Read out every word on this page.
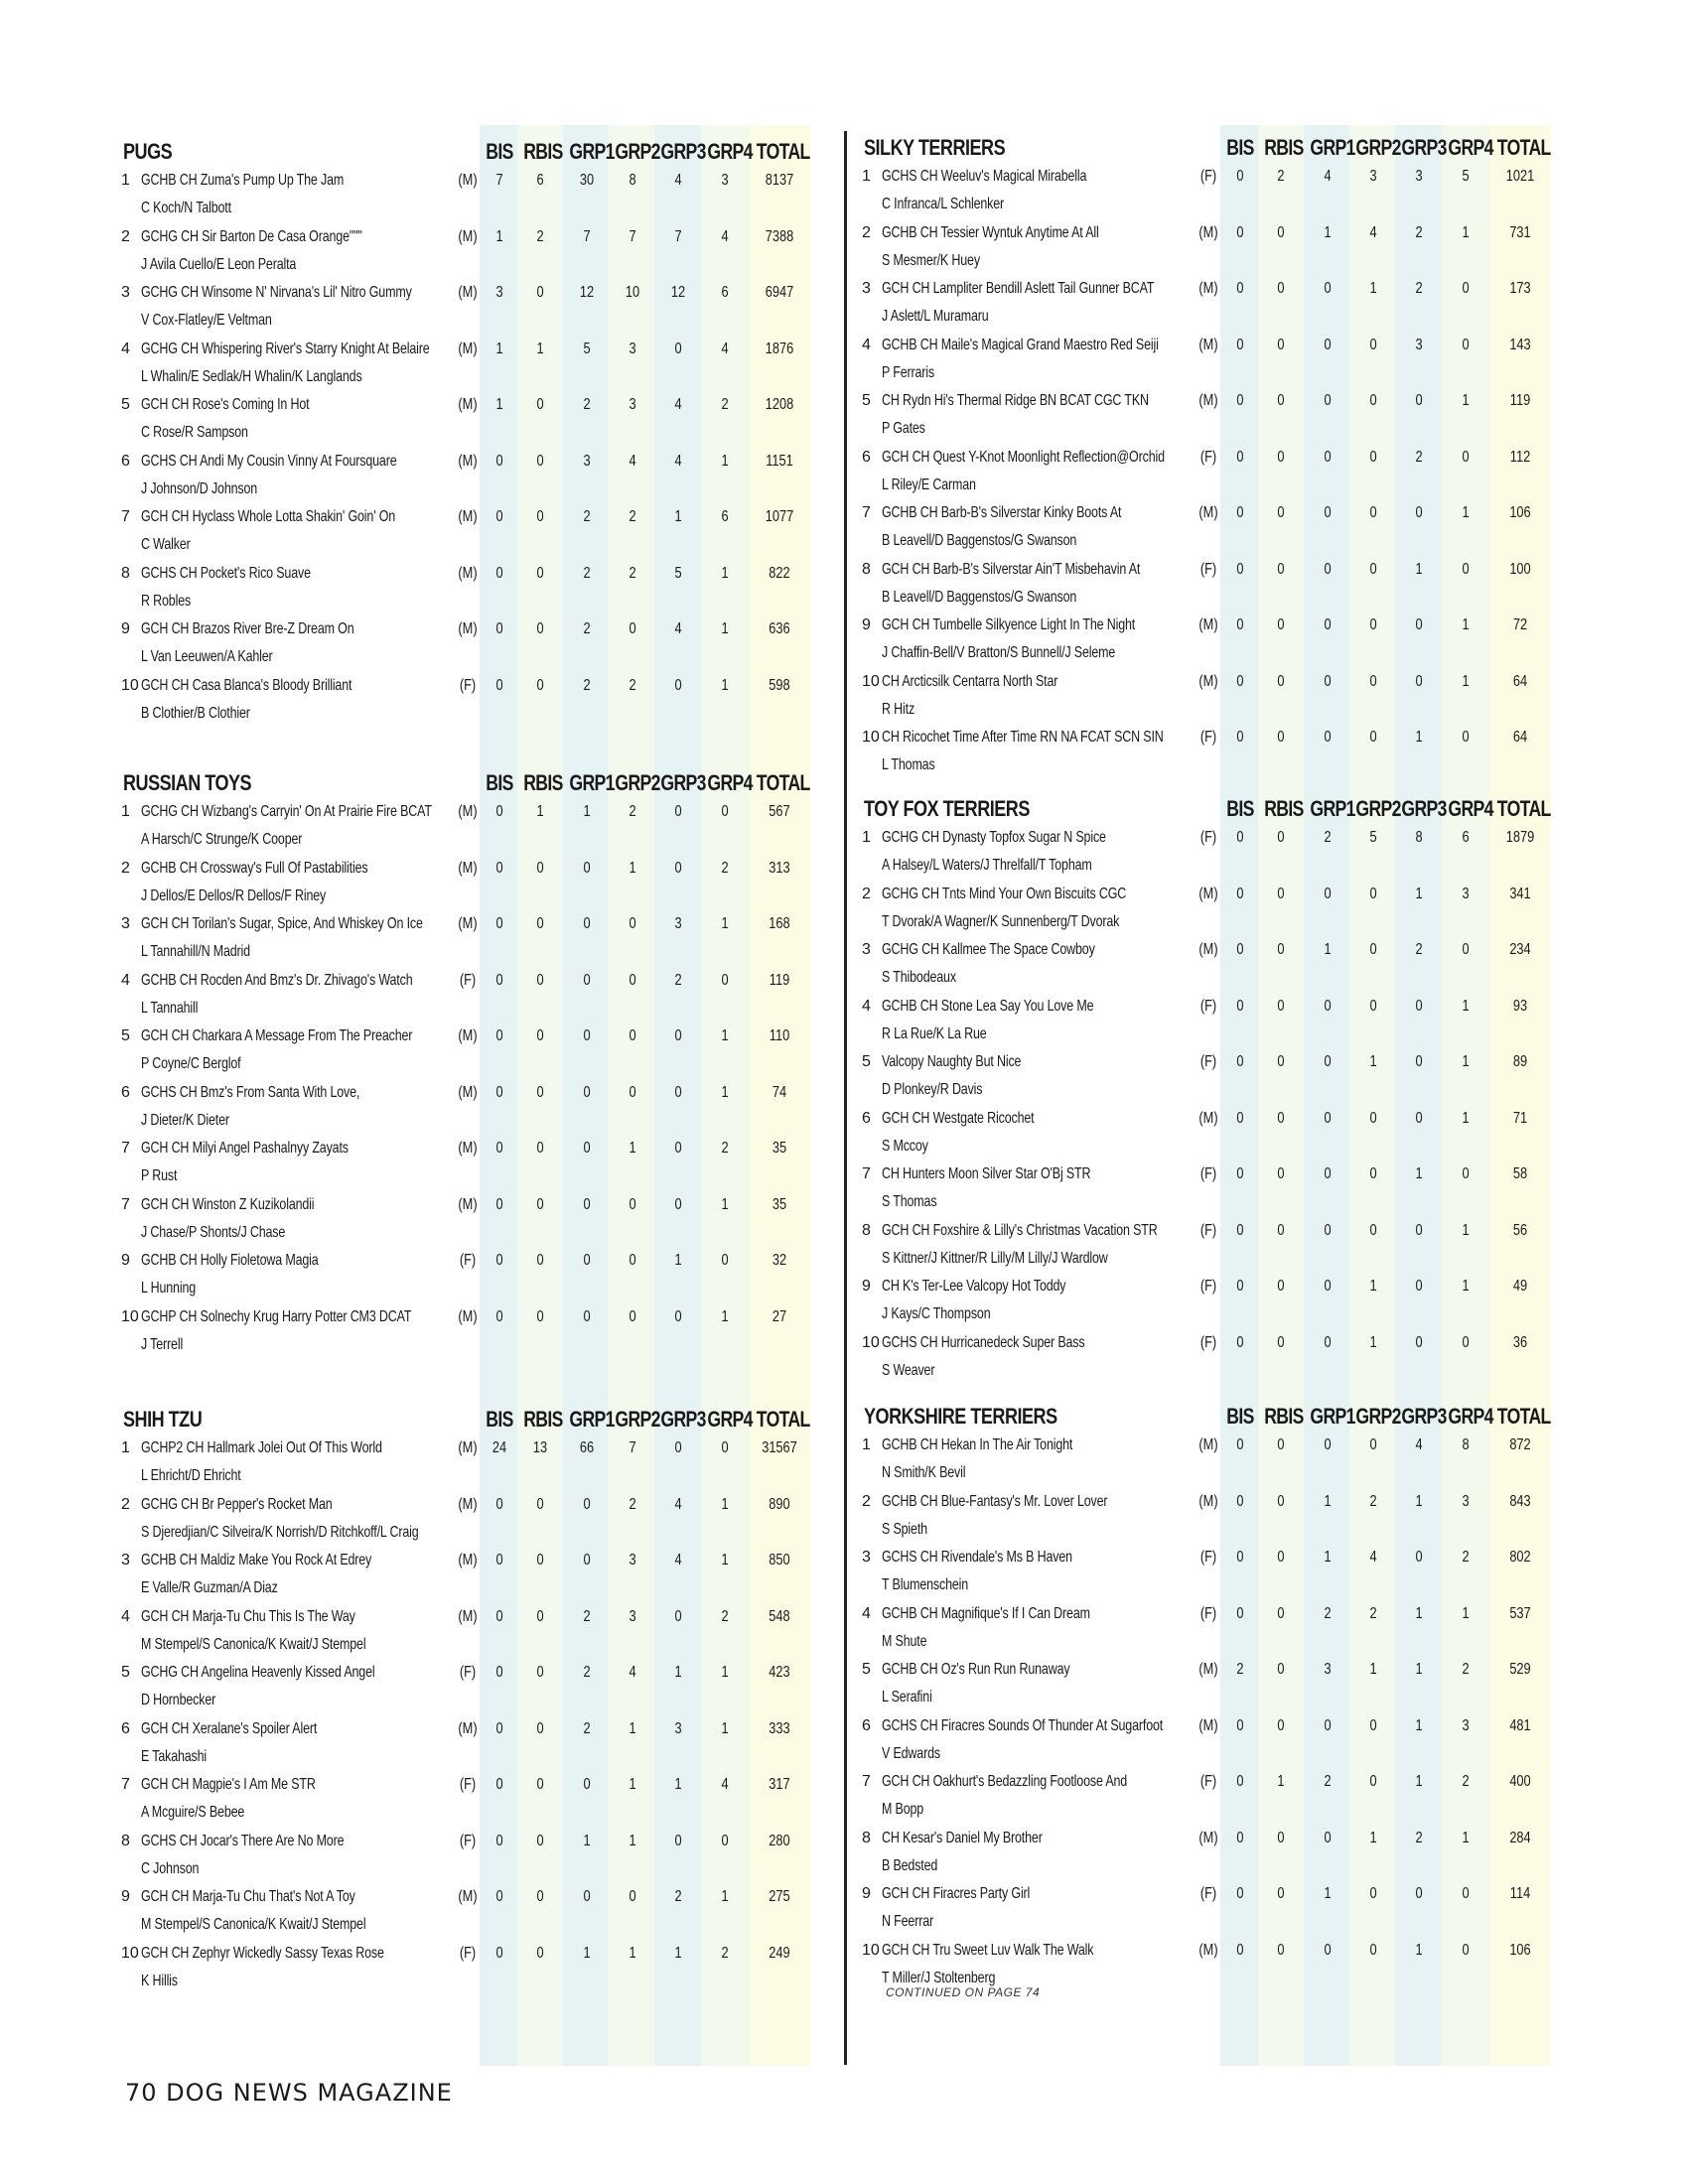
PUGS	BIS RBIS GRP1 GRP2 GRP3 GRP4 TOTAL
1 GCHB CH Zuma's Pump Up The Jam
C Koch/N Talbott
(M)	7	6	30	8	4	3	8137
2 GCHG CH Sir Barton De Casa Orange"""
J Avila Cuello/E Leon Peralta
(M)	1	2	7	7	7	4	7388
3 GCHG CH Winsome N' Nirvana's Lil' Nitro Gummy
V Cox-Flatley/E Veltman
(M)	3	0	12	10	12	6	6947
4 GCHG CH Whispering River's Starry Knight At Belaire
L Whalin/E Sedlak/H Whalin/K Langlands
(M)	1	1	5	3	0	4	1876
5 GCH CH Rose's Coming In Hot
C Rose/R Sampson
(M)	1	0	2	3	4	2	1208
6 GCHS CH Andi My Cousin Vinny At Foursquare
J Johnson/D Johnson
(M)	0	0	3	4	4	1	1151
7 GCH CH Hyclass Whole Lotta Shakin' Goin' On
C Walker
(M)	0	0	2	2	1	6	1077
8 GCHS CH Pocket's Rico Suave
R Robles
(M)	0	0	2	2	5	1	822
9 GCH CH Brazos River Bre-Z Dream On
L Van Leeuwen/A Kahler
(M)	0	0	2	0	4	1	636
10 GCH CH Casa Blanca's Bloody Brilliant
B Clothier/B Clothier
(F)	0	0	2	2	0	1	598
RUSSIAN TOYS	BIS RBIS GRP1 GRP2 GRP3 GRP4 TOTAL
1 GCHG CH Wizbang's Carryin' On At Prairie Fire BCAT
A Harsch/C Strunge/K Cooper
(M)	0	1	1	2	0	0	567
2 GCHB CH Crossway's Full Of Pastabilities
J Dellos/E Dellos/R Dellos/F Riney
(M)	0	0	0	1	0	2	313
3 GCH CH Torilan's Sugar, Spice, And Whiskey On Ice
L Tannahill/N Madrid
(M)	0	0	0	0	3	1	168
4 GCHB CH Rocden And Bmz's Dr. Zhivago's Watch
L Tannahill
(F)	0	0	0	0	2	0	119
5 GCH CH Charkara A Message From The Preacher
P Coyne/C Berglof
(M)	0	0	0	0	0	1	110
6 GCHS CH Bmz's From Santa With Love,
J Dieter/K Dieter
(M)	0	0	0	0	0	1	74
7 GCH CH Milyi Angel Pashalnyy Zayats
P Rust
(M)	0	0	0	1	0	2	35
7 GCH CH Winston Z Kuzikolandii
J Chase/P Shonts/J Chase
(M)	0	0	0	0	0	1	35
9 GCHB CH Holly Fioletowa Magia
L Hunning
(F)	0	0	0	0	1	0	32
10 GCHP CH Solnechy Krug Harry Potter CM3 DCAT
J Terrell
(M)	0	0	0	0	0	1	27
SHIH TZU	BIS RBIS GRP1 GRP2 GRP3 GRP4 TOTAL
1 GCHP2 CH Hallmark Jolei Out Of This World
L Ehricht/D Ehricht
(M) 24	13	66	7	0	0	31567
2 GCHG CH Br Pepper's Rocket Man
S Djeredjian/C Silveira/K Norrish/D Ritchkoff/L Craig
(M)	0	0	0	2	4	1	890
3 GCHB CH Maldiz Make You Rock At Edrey
E Valle/R Guzman/A Diaz
(M)	0	0	0	3	4	1	850
4 GCH CH Marja-Tu Chu This Is The Way
M Stempel/S Canonica/K Kwait/J Stempel
(M)	0	0	2	3	0	2	548
5 GCHG CH Angelina Heavenly Kissed Angel
D Hornbecker
(F)	0	0	2	4	1	1	423
6 GCH CH Xeralane's Spoiler Alert
E Takahashi
(M)	0	0	2	1	3	1	333
7 GCH CH Magpie's I Am Me STR
A Mcguire/S Bebee
(F)	0	0	0	1	1	4	317
8 GCHS CH Jocar's There Are No More
C Johnson
(F)	0	0	1	1	0	0	280
9 GCH CH Marja-Tu Chu That's Not A Toy
M Stempel/S Canonica/K Kwait/J Stempel
(M)	0	0	0	0	2	1	275
10 GCH CH Zephyr Wickedly Sassy Texas Rose
K Hillis
(F)	0	0	1	1	1	2	249
CONTINUED ON PAGE 74
SILKY TERRIERS	BIS RBIS GRP1 GRP2 GRP3 GRP4 TOTAL
1 GCHS CH Weeluv's Magical Mirabella
C Infranca/L Schlenker
(F)	0	2	4	3	3	5	1021
2 GCHB CH Tessier Wyntuk Anytime At All
S Mesmer/K Huey
(M)	0	0	1	4	2	1	731
3 GCH CH Lampliter Bendill Aslett Tail Gunner BCAT
J Aslett/L Muramaru
(M)	0	0	0	1	2	0	173
4 GCHB CH Maile's Magical Grand Maestro Red Seiji
P Ferraris
(M)	0	0	0	0	3	0	143
5 CH Rydn Hi's Thermal Ridge BN BCAT CGC TKN
P Gates
(M)	0	0	0	0	0	1	119
6 GCH CH Quest Y-Knot Moonlight Reflection@Orchid
L Riley/E Carman
(F)	0	0	0	0	2	0	112
7 GCHB CH Barb-B's Silverstar Kinky Boots At
B Leavell/D Baggenstos/G Swanson
(M)	0	0	0	0	0	1	106
8 GCH CH Barb-B's Silverstar Ain'T Misbehavin At
B Leavell/D Baggenstos/G Swanson
(F)	0	0	0	0	1	0	100
9 GCH CH Tumbelle Silkyence Light In The Night
J Chaffin-Bell/V Bratton/S Bunnell/J Seleme
(M)	0	0	0	0	0	1	72
10 CH Arcticsilk Centarra North Star
R Hitz
(M)	0	0	0	0	0	1	64
10 CH Ricochet Time After Time RN NA FCAT SCN SIN
L Thomas
(F)	0	0	0	0	1	0	64
TOY FOX TERRIERS	BIS RBIS GRP1 GRP2 GRP3 GRP4 TOTAL
1 GCHG CH Dynasty Topfox Sugar N Spice
A Halsey/L Waters/J Threlfall/T Topham
(F)	0	0	2	5	8	6	1879
2 GCHG CH Tnts Mind Your Own Biscuits CGC
T Dvorak/A Wagner/K Sunnenberg/T Dvorak
(M)	0	0	0	0	1	3	341
3 GCHG CH Kallmee The Space Cowboy
S Thibodeaux
(M)	0	0	1	0	2	0	234
4 GCHB CH Stone Lea Say You Love Me
R La Rue/K La Rue
(F)	0	0	0	0	0	1	93
5 Valcopy Naughty But Nice
D Plonkey/R Davis
(F)	0	0	0	1	0	1	89
6 GCH CH Westgate Ricochet
S Mccoy
(M)	0	0	0	0	0	1	71
7 CH Hunters Moon Silver Star O'Bj STR
S Thomas
(F)	0	0	0	0	1	0	58
8 GCH CH Foxshire & Lilly's Christmas Vacation STR
S Kittner/J Kittner/R Lilly/M Lilly/J Wardlow
(F)	0	0	0	0	0	1	56
9 CH K's Ter-Lee Valcopy Hot Toddy
J Kays/C Thompson
(F)	0	0	0	1	0	1	49
10 GCHS CH Hurricanedeck Super Bass
S Weaver
(F)	0	0	0	1	0	0	36
YORKSHIRE TERRIERS	BIS RBIS GRP1 GRP2 GRP3 GRP4 TOTAL
1 GCHB CH Hekan In The Air Tonight
N Smith/K Bevil
(M)	0	0	0	0	4	8	872
2 GCHB CH Blue-Fantasy's Mr. Lover Lover
S Spieth
(M)	0	0	1	2	1	3	843
3 GCHS CH Rivendale's Ms B Haven
T Blumenschein
(F)	0	0	1	4	0	2	802
4 GCHB CH Magnifique's If I Can Dream
M Shute
(F)	0	0	2	2	1	1	537
5 GCHB CH Oz's Run Run Runaway
L Serafini
(M)	2	0	3	1	1	2	529
6 GCHS CH Firacres Sounds Of Thunder At Sugarfoot
V Edwards
(M)	0	0	0	0	1	3	481
7 GCH CH Oakhurt's Bedazzling Footloose And
M Bopp
(F)	0	1	2	0	1	2	400
8 CH Kesar's Daniel My Brother
B Bedsted
(M)	0	0	0	1	2	1	284
9 GCH CH Firacres Party Girl
N Feerrar
(F)	0	0	1	0	0	0	114
10 GCH CH Tru Sweet Luv Walk The Walk
T Miller/J Stoltenberg
(M)	0	0	0	0	1	0	106
70 DOG NEWS MAGAZINE
